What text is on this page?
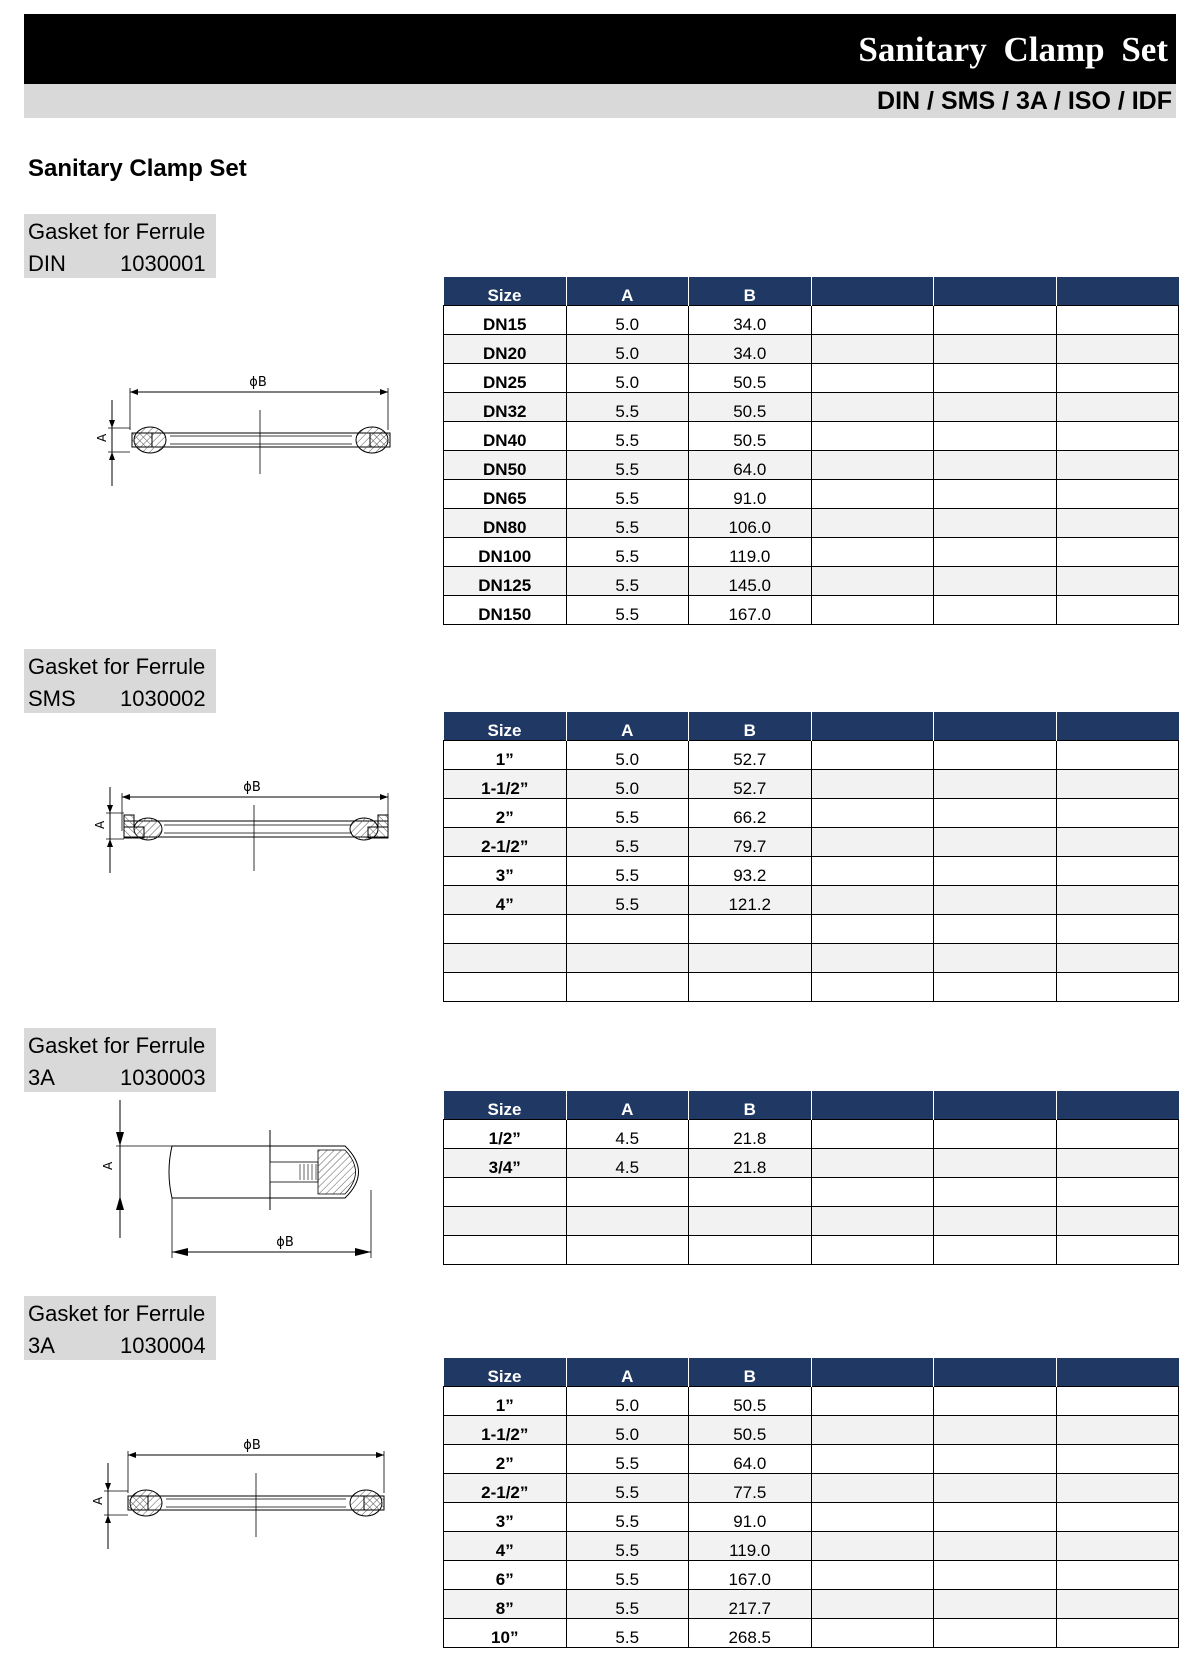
Sanitary Clamp Set
DIN / SMS / 3A / ISO / IDF
Sanitary Clamp Set
Gasket for Ferrule
DIN 1030001
ϕB
A
Size	A	B			
DN15	5.0	34.0			
DN20	5.0	34.0			
DN25	5.0	50.5			
DN32	5.5	50.5			
DN40	5.5	50.5			
DN50	5.5	64.0			
DN65	5.5	91.0			
DN80	5.5	106.0			
DN100	5.5	119.0			
DN125	5.5	145.0			
DN150	5.5	167.0			
Gasket for Ferrule
SMS 1030002
ϕB
A
Size	A	B			
1”	5.0	52.7			
1-1/2”	5.0	52.7			
2”	5.5	66.2			
2-1/2”	5.5	79.7			
3”	5.5	93.2			
4”	5.5	121.2			

Gasket for Ferrule
3A	1030003
A
ϕB
Size	A	B			
1/2”	4.5	21.8			
3/4”	4.5	21.8			

Gasket for Ferrule
3A	1030004
ϕB
A
Size	A	B			
1”	5.0	50.5			
1-1/2”	5.0	50.5			
2”	5.5	64.0			
2-1/2”	5.5	77.5			
3”	5.5	91.0			
4”	5.5	119.0			
6”	5.5	167.0			
8”	5.5	217.7			
10”	5.5	268.5			
